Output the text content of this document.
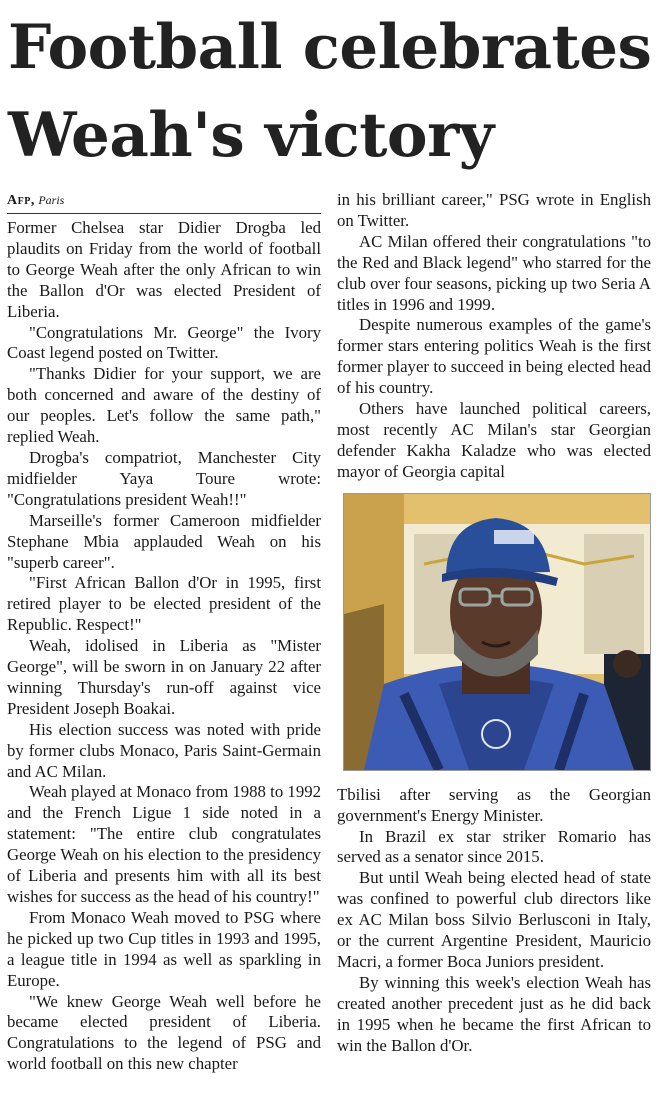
Football celebrates Weah's victory
Afp, Paris

Former Chelsea star Didier Drogba led plaudits on Friday from the world of football to George Weah after the only African to win the Ballon d'Or was elected President of Liberia.

"Congratulations Mr. George" the Ivory Coast legend posted on Twitter.

"Thanks Didier for your support, we are both concerned and aware of the destiny of our peoples. Let's follow the same path," replied Weah.

Drogba's compatriot, Manchester City midfielder Yaya Toure wrote: "Congratulations president Weah!!"

Marseille's former Cameroon midfielder Stephane Mbia applauded Weah on his "superb career".

"First African Ballon d'Or in 1995, first retired player to be elected president of the Republic. Respect!"

Weah, idolised in Liberia as "Mister George", will be sworn in on January 22 after winning Thursday's run-off against vice President Joseph Boakai.

His election success was noted with pride by former clubs Monaco, Paris Saint-Germain and AC Milan.

Weah played at Monaco from 1988 to 1992 and the French Ligue 1 side noted in a statement: "The entire club congratulates George Weah on his election to the presidency of Liberia and presents him with all its best wishes for success as the head of his country!"

From Monaco Weah moved to PSG where he picked up two Cup titles in 1993 and 1995, a league title in 1994 as well as sparkling in Europe.

"We knew George Weah well before he became elected president of Liberia. Congratulations to the legend of PSG and world football on this new chapter

in his brilliant career," PSG wrote in English on Twitter.

AC Milan offered their congratulations "to the Red and Black legend" who starred for the club over four seasons, picking up two Seria A titles in 1996 and 1999.

Despite numerous examples of the game's former stars entering politics Weah is the first former player to succeed in being elected head of his country.

Others have launched political careers, most recently AC Milan's star Georgian defender Kakha Kaladze who was elected mayor of Georgia capital

Tbilisi after serving as the Georgian government's Energy Minister.

In Brazil ex star striker Romario has served as a senator since 2015.

But until Weah being elected head of state was confined to powerful club directors like ex AC Milan boss Silvio Berlusconi in Italy, or the current Argentine President, Mauricio Macri, a former Boca Juniors president.

By winning this week's election Weah has created another precedent just as he did back in 1995 when he became the first African to win the Ballon d'Or.
